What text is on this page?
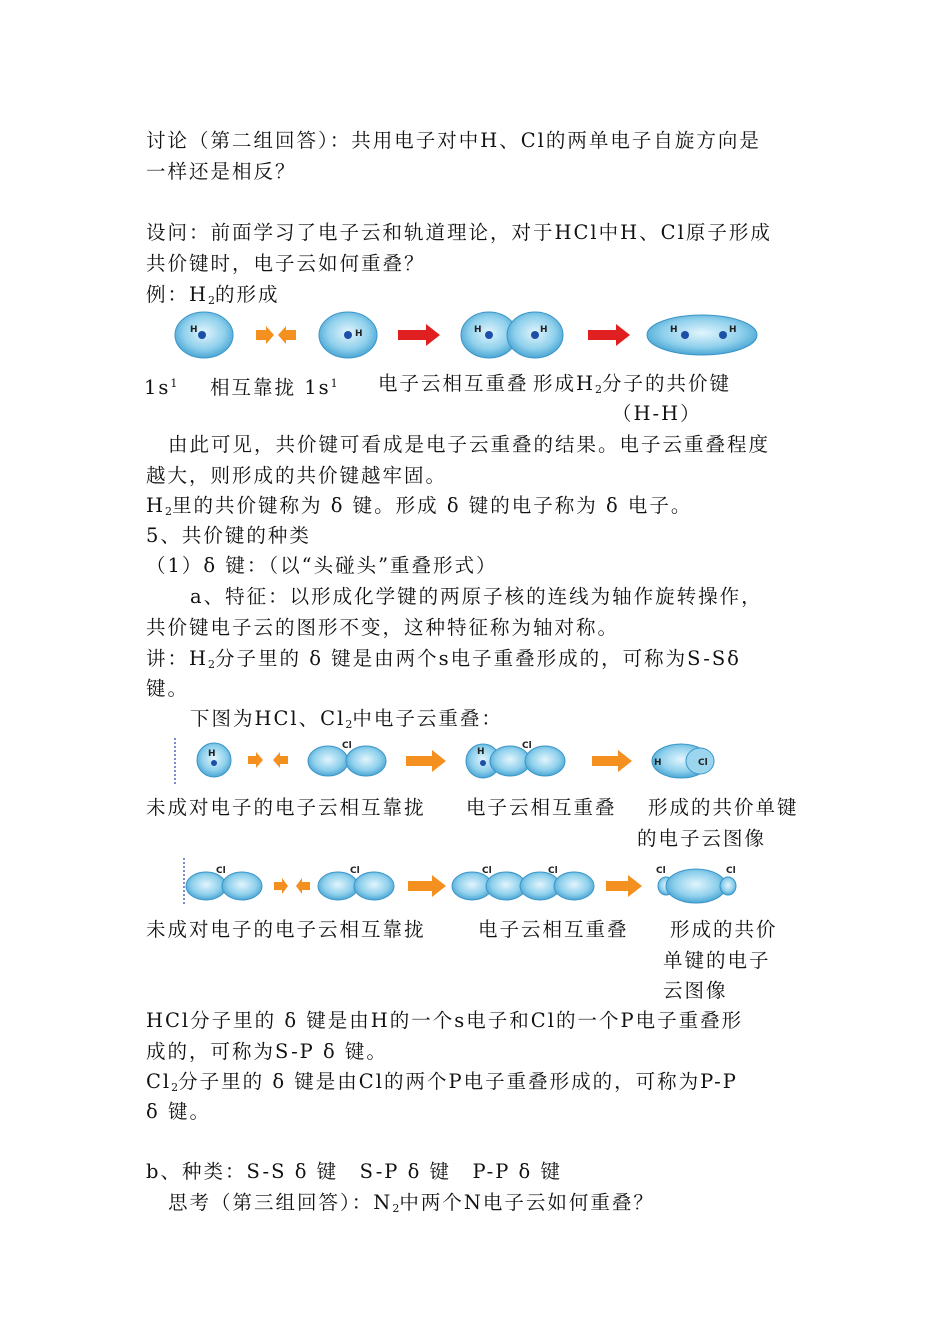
讨论（第二组回答）：共用电子对中H、Cl的两单电子自旋方向是
一样还是相反？
设问：前面学习了电子云和轨道理论，对于HCl中H、Cl原子形成
共价键时，电子云如何重叠？
例：$H_2$的形成
H	H	H	H	H	H
$1s^1$ 相互靠拢 $1s^1$ 电子云相互重叠 形成$H_2$分子的共价键
（H-H）
由此可见，共价键可看成是电子云重叠的结果。电子云重叠程度
越大，则形成的共价键越牢固。
$H_2$里的共价键称为 δ 键。形成 δ 键的电子称为 δ 电子。
5、共价键的种类
（1）δ 键：（以“头碰头”重叠形式）
a、特征：以形成化学键的两原子核的连线为轴作旋转操作，
共价键电子云的图形不变，这种特征称为轴对称。
讲：$H_2$分子里的 δ 键是由两个s电子重叠形成的，可称为S-Sδ
键。
下图为HCl、$Cl_2$中电子云重叠：
H
Cl
H
Cl
H	Cl
未成对电子的电子云相互靠拢 电子云相互重叠 形成的共价单键
的电子云图像
Cl	Cl	Cl	Cl	Cl	Cl
未成对电子的电子云相互靠拢	电子云相互重叠 形成的共价
单键的电子
云图像
HCl分子里的 δ 键是由H的一个s电子和Cl的一个P电子重叠形
成的，可称为S-P δ 键。
$Cl_2$分子里的 δ 键是由Cl的两个P电子重叠形成的，可称为P-P
δ 键。
b、种类：S-S δ 键　S-P δ 键　P-P δ 键
思考（第三组回答）：$N_2$中两个N电子云如何重叠？
